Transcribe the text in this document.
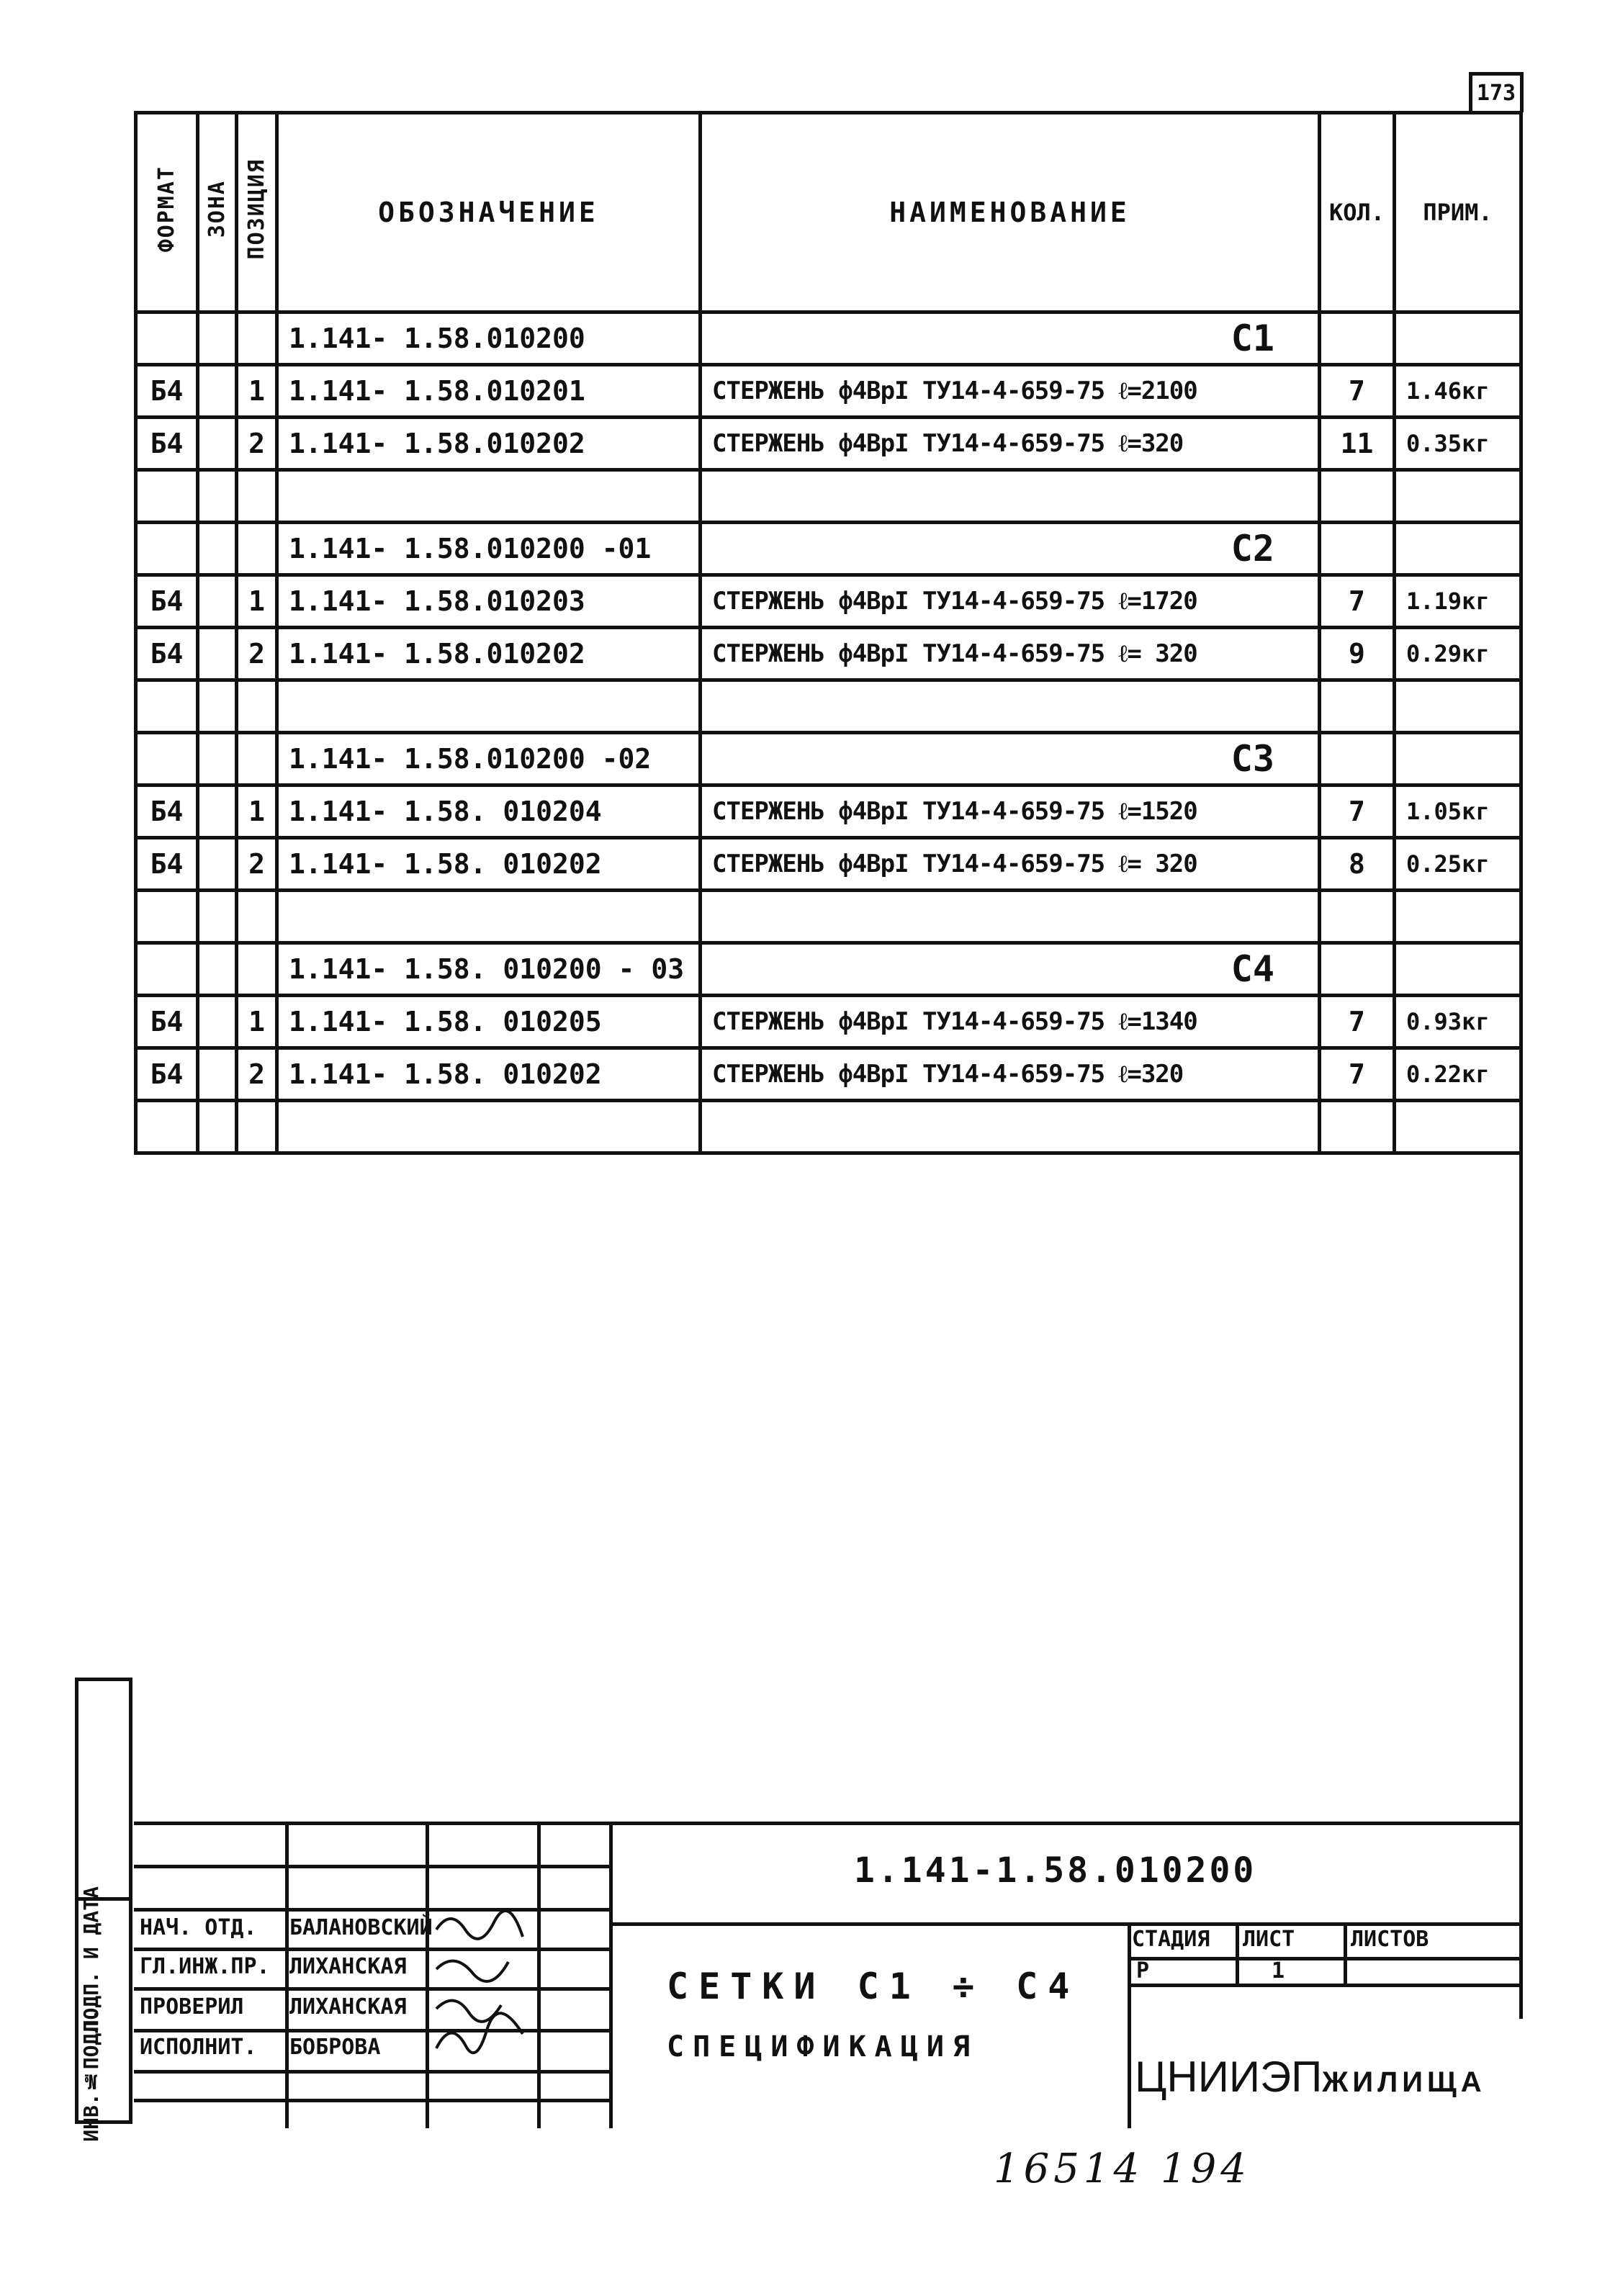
173
ФОРМАТ	ЗОНА	ПОЗИЦИЯ	ОБОЗНАЧЕНИЕ	НАИМЕНОВАНИЕ	КОЛ.	ПРИМ.
			1.141- 1.58.010200	С1		
Б4		1	1.141- 1.58.010201	СТЕРЖЕНЬ ф4ВрI ТУ14-4-659-75 ℓ=2100	7	1.46кг
Б4		2	1.141- 1.58.010202	СТЕРЖЕНЬ ф4ВрI ТУ14-4-659-75 ℓ=320	11	0.35кг

			1.141- 1.58.010200 -01	С2		
Б4		1	1.141- 1.58.010203	СТЕРЖЕНЬ ф4ВрI ТУ14-4-659-75 ℓ=1720	7	1.19кг
Б4		2	1.141- 1.58.010202	СТЕРЖЕНЬ ф4ВрI ТУ14-4-659-75 ℓ= 320	9	0.29кг

			1.141- 1.58.010200 -02	С3		
Б4		1	1.141- 1.58. 010204	СТЕРЖЕНЬ ф4ВрI ТУ14-4-659-75 ℓ=1520	7	1.05кг
Б4		2	1.141- 1.58. 010202	СТЕРЖЕНЬ ф4ВрI ТУ14-4-659-75 ℓ= 320	8	0.25кг

			1.141- 1.58. 010200 - 03	С4		
Б4		1	1.141- 1.58. 010205	СТЕРЖЕНЬ ф4ВрI ТУ14-4-659-75 ℓ=1340	7	0.93кг
Б4		2	1.141- 1.58. 010202	СТЕРЖЕНЬ ф4ВрI ТУ14-4-659-75 ℓ=320	7	0.22кг

1.141-1.58.010200
НАЧ. ОТД. БАЛАНОВСКИЙ
ГЛ.ИНЖ.ПР. ЛИХАНСКАЯ
ПРОВЕРИЛ ЛИХАНСКАЯ
ИСПОЛНИТ. БОБРОВА
СЕТКИ С1 ÷ С4
СПЕЦИФИКАЦИЯ
СТАДИЯ ЛИСТ	ЛИСТОВ
Р	1
ЦНИИЭПЖИЛИЩА
ПОДП. И ДАТА
ИНВ.№ПОДЛ.
16514 194
